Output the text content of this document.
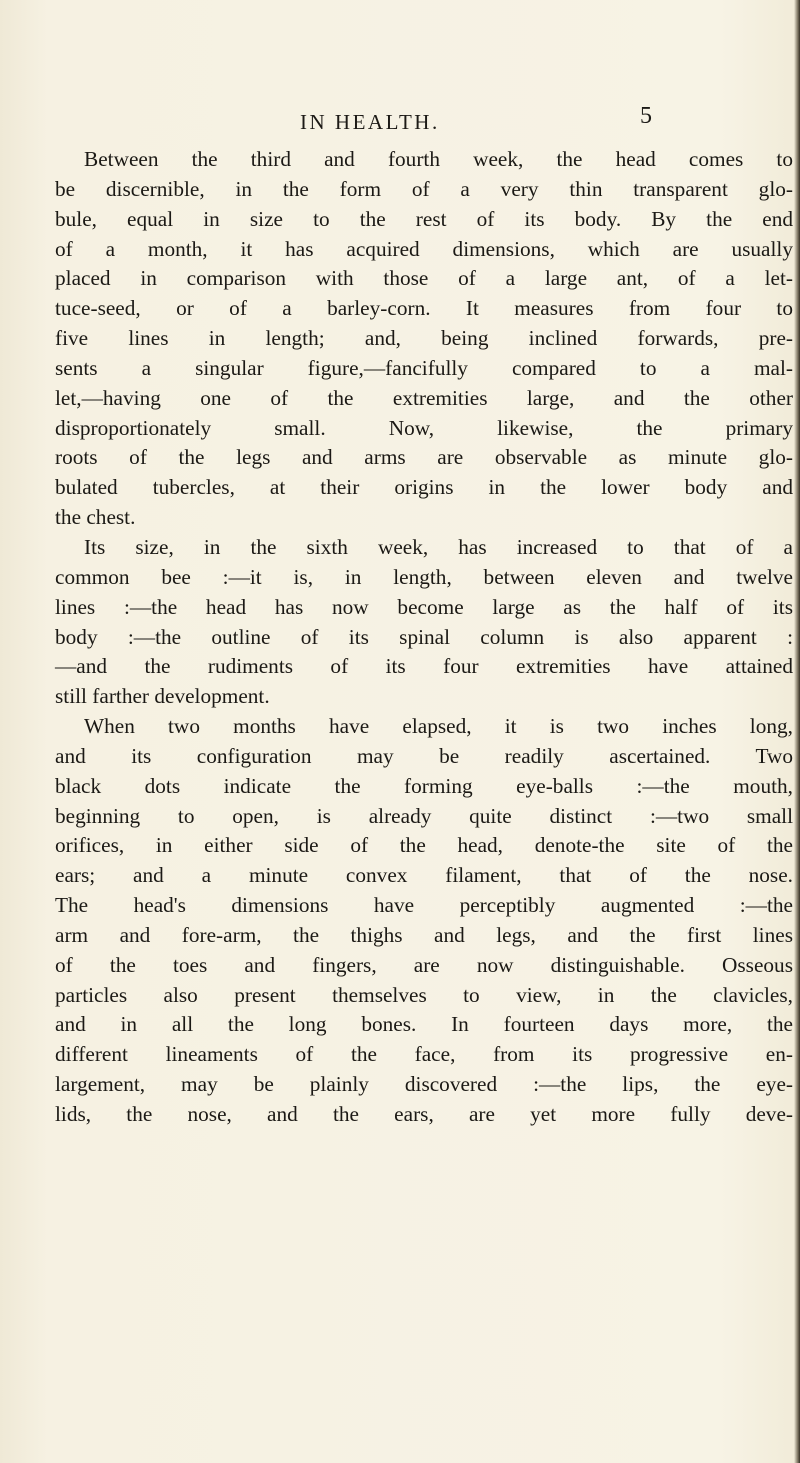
IN HEALTH.	5
Between the third and fourth week, the head comes to
be discernible, in the form of a very thin transparent glo-
bule, equal in size to the rest of its body. By the end
of a month, it has acquired dimensions, which are usually
placed in comparison with those of a large ant, of a let-
tuce-seed, or of a barley-corn. It measures from four to
five lines in length; and, being inclined forwards, pre-
sents a singular figure,—fancifully compared to a mal-
let,—having one of the extremities large, and the other
disproportionately small. Now, likewise, the primary
roots of the legs and arms are observable as minute glo-
bulated tubercles, at their origins in the lower body and
the chest.
Its size, in the sixth week, has increased to that of a
common bee :—it is, in length, between eleven and twelve
lines :—the head has now become large as the half of its
body :—the outline of its spinal column is also apparent :
—and the rudiments of its four extremities have attained
still farther development.
When two months have elapsed, it is two inches long,
and its configuration may be readily ascertained. Two
black dots indicate the forming eye-balls :—the mouth,
beginning to open, is already quite distinct :—two small
orifices, in either side of the head, denote-the site of the
ears; and a minute convex filament, that of the nose.
The head's dimensions have perceptibly augmented :—the
arm and fore-arm, the thighs and legs, and the first lines
of the toes and fingers, are now distinguishable. Osseous
particles also present themselves to view, in the clavicles,
and in all the long bones. In fourteen days more, the
different lineaments of the face, from its progressive en-
largement, may be plainly discovered :—the lips, the eye-
lids, the nose, and the ears, are yet more fully deve-
